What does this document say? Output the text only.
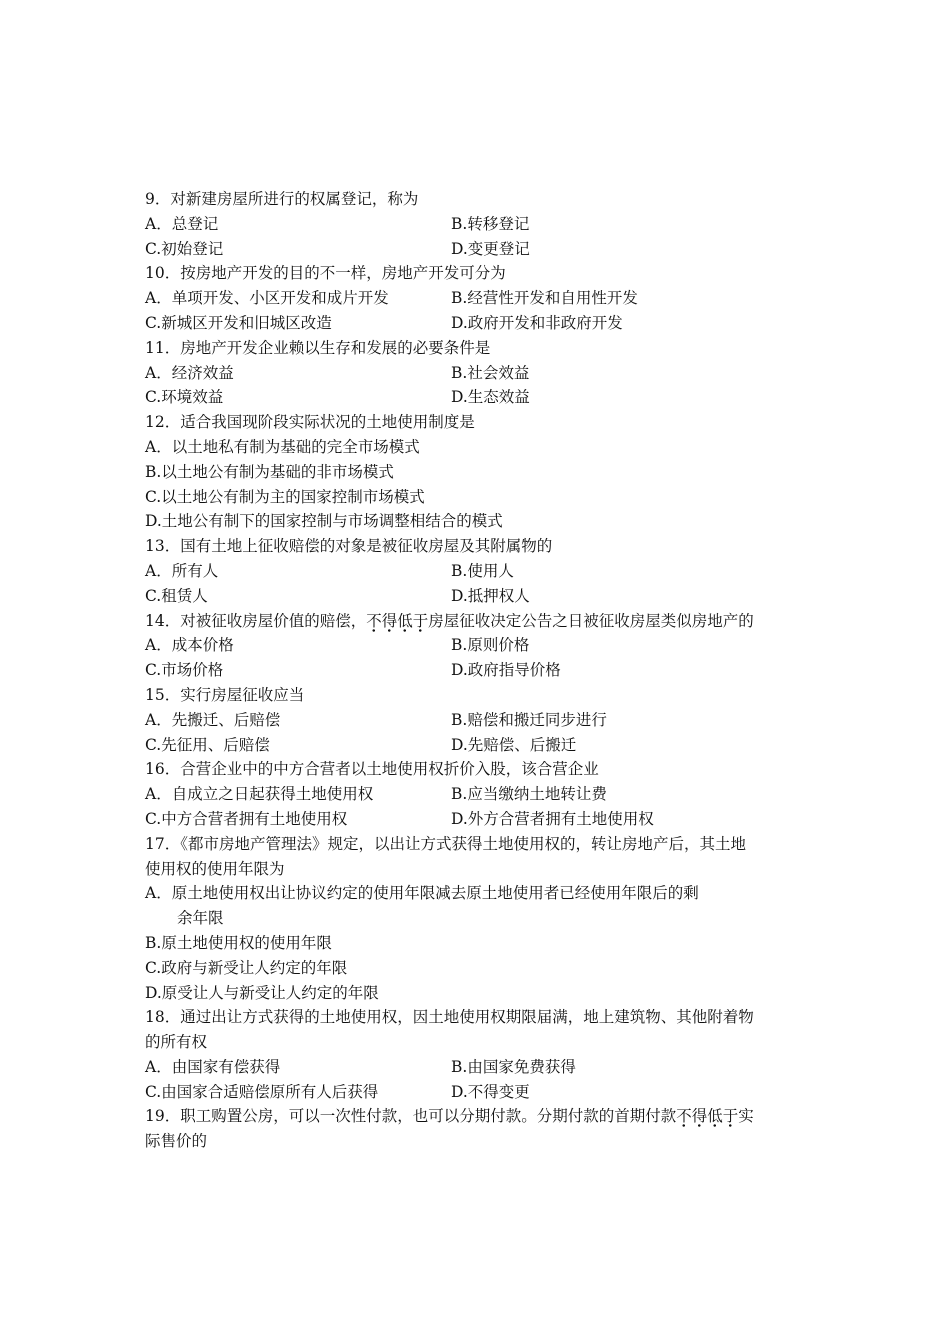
9．对新建房屋所进行的权属登记，称为
A．总登记	B.转移登记
C.初始登记	D.变更登记
10．按房地产开发的目的不一样，房地产开发可分为
A．单项开发、小区开发和成片开发	B.经营性开发和自用性开发
C.新城区开发和旧城区改造	D.政府开发和非政府开发
11．房地产开发企业赖以生存和发展的必要条件是
A．经济效益	B.社会效益
C.环境效益	D.生态效益
12．适合我国现阶段实际状况的土地使用制度是
A．以土地私有制为基础的完全市场模式
B.以土地公有制为基础的非市场模式
C.以土地公有制为主的国家控制市场模式
D.土地公有制下的国家控制与市场调整相结合的模式
13．国有土地上征收赔偿的对象是被征收房屋及其附属物的
A．所有人	B.使用人
C.租赁人	D.抵押权人
14．对被征收房屋价值的赔偿，不得低于房屋征收决定公告之日被征收房屋类似房地产的
A．成本价格	B.原则价格
C.市场价格	D.政府指导价格
15．实行房屋征收应当
A．先搬迁、后赔偿	B.赔偿和搬迁同步进行
C.先征用、后赔偿	D.先赔偿、后搬迁
16．合营企业中的中方合营者以土地使用权折价入股，该合营企业
A．自成立之日起获得土地使用权	B.应当缴纳土地转让费
C.中方合营者拥有土地使用权	D.外方合营者拥有土地使用权
17．《都市房地产管理法》规定，以出让方式获得土地使用权的，转让房地产后，其土地
使用权的使用年限为
A．原土地使用权出让协议约定的使用年限减去原土地使用者已经使用年限后的剩
余年限
B.原土地使用权的使用年限
C.政府与新受让人约定的年限
D.原受让人与新受让人约定的年限
18．通过出让方式获得的土地使用权，因土地使用权期限届满，地上建筑物、其他附着物
的所有权
A．由国家有偿获得	B.由国家免费获得
C.由国家合适赔偿原所有人后获得	D.不得变更
19．职工购置公房，可以一次性付款，也可以分期付款。分期付款的首期付款不得低于实
际售价的
